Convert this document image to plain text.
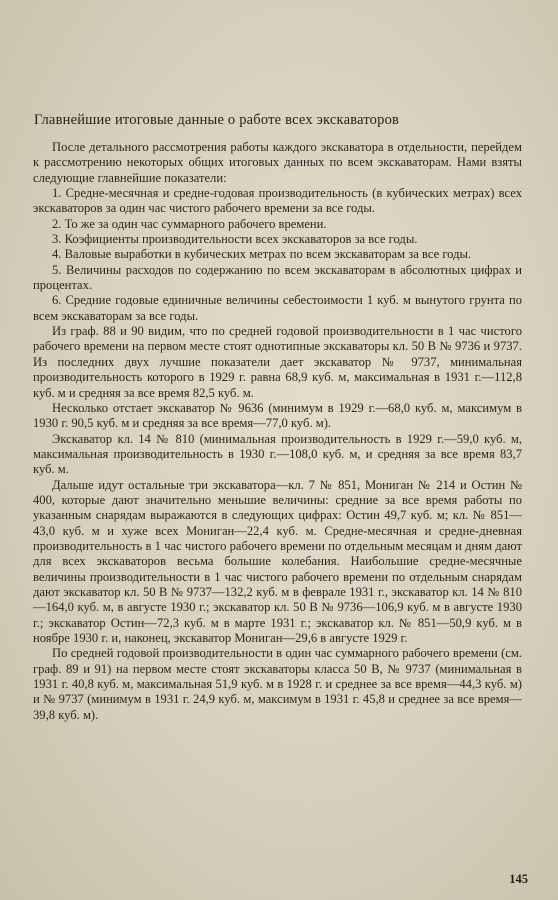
Главнейшие итоговые данные о работе всех экскаваторов

После детального рассмотрения работы каждого экскаватора в отдельности, перейдем к рассмотрению некоторых общих итоговых данных по всем экскаваторам. Нами взяты следующие главнейшие показатели:

1. Средне-месячная и средне-годовая производительность (в кубических метрах) всех экскаваторов за один час чистого рабочего времени за все годы.

2. То же за один час суммарного рабочего времени.

3. Коэфициенты производительности всех экскаваторов за все годы.

4. Валовые выработки в кубических метрах по всем экскаваторам за все годы.

5. Величины расходов по содержанию по всем экскаваторам в абсолютных цифрах и процентах.

6. Средние годовые единичные величины себестоимости 1 куб. м вынутого грунта по всем экскаваторам за все годы.

Из граф. 88 и 90 видим, что по средней годовой производительности в 1 час чистого рабочего времени на первом месте стоят однотипные экскаваторы кл. 50 В № 9736 и 9737. Из последних двух лучшие показатели дает экскаватор № 9737, минимальная производительность которого в 1929 г. равна 68,9 куб. м, максимальная в 1931 г.—112,8 куб. м и средняя за все время 82,5 куб. м.

Несколько отстает экскаватор № 9636 (минимум в 1929 г.—68,0 куб. м, максимум в 1930 г. 90,5 куб. м и средняя за все время—77,0 куб. м).

Экскаватор кл. 14 № 810 (минимальная производительность в 1929 г.—59,0 куб. м, максимальная производительность в 1930 г.—108,0 куб. м, и средняя за все время 83,7 куб. м.

Дальше идут остальные три экскаватора—кл. 7 № 851, Мониган № 214 и Остин № 400, которые дают значительно меньшие величины: средние за все время работы по указанным снарядам выражаются в следующих цифрах: Остин 49,7 куб. м; кл. № 851—43,0 куб. м и хуже всех Мониган—22,4 куб. м. Средне-месячная и средне-дневная производительность в 1 час чистого рабочего времени по отдельным месяцам и дням дают для всех экскаваторов весьма большие колебания. Наибольшие средне-месячные величины производительности в 1 час чистого рабочего времени по отдельным снарядам дают экскаватор кл. 50 В № 9737—132,2 куб. м в феврале 1931 г., экскаватор кл. 14 № 810—164,0 куб. м, в августе 1930 г.; экскаватор кл. 50 В № 9736—106,9 куб. м в августе 1930 г.; экскаватор Остин—72,3 куб. м в марте 1931 г.; экскаватор кл. № 851—50,9 куб. м в ноябре 1930 г. и, наконец, экскаватор Мониган—29,6 в августе 1929 г.

По средней годовой производительности в один час суммарного рабочего времени (см. граф. 89 и 91) на первом месте стоят экскаваторы класса 50 В, № 9737 (минимальная в 1931 г. 40,8 куб. м, максимальная 51,9 куб. м в 1928 г. и среднее за все время—44,3 куб. м) и № 9737 (минимум в 1931 г. 24,9 куб. м, максимум в 1931 г. 45,8 и среднее за все время—39,8 куб. м).

145
